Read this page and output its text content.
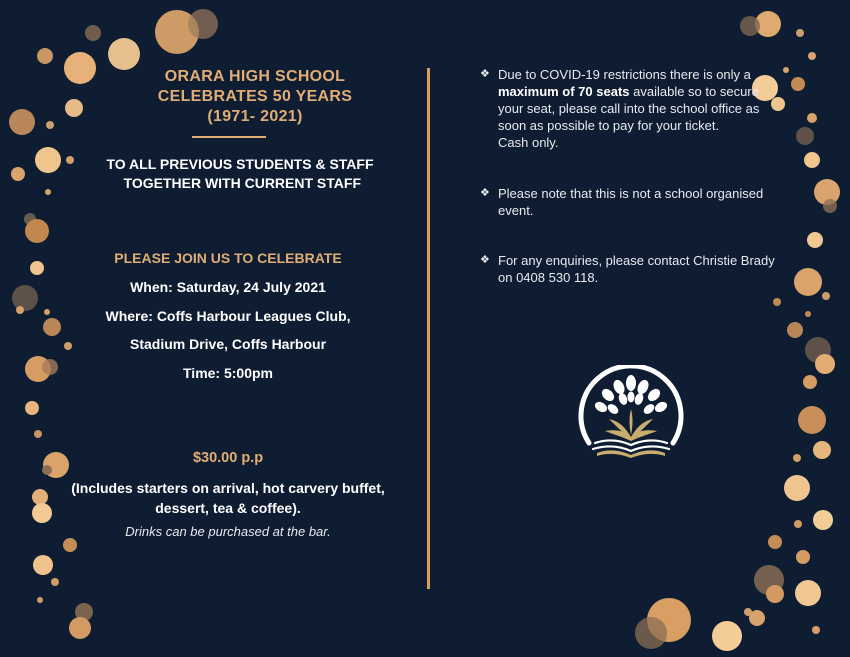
ORARA HIGH SCHOOL
CELEBRATES 50 YEARS
(1971- 2021)
TO ALL PREVIOUS STUDENTS & STAFF
TOGETHER WITH CURRENT STAFF
PLEASE JOIN US TO CELEBRATE
When: Saturday, 24 July 2021
Where: Coffs Harbour Leagues Club,
Stadium Drive, Coffs Harbour
Time: 5:00pm
$30.00 p.p
(Includes starters on arrival, hot carvery buffet,
dessert, tea & coffee).
Drinks can be purchased at the bar.
❖ Due to COVID-19 restrictions there is only a maximum of 70 seats available so to secure your seat, please call into the school office as soon as possible to pay for your ticket.
Cash only.
❖ Please note that this is not a school organised event.
❖ For any enquiries, please contact Christie Brady on 0408 530 118.
